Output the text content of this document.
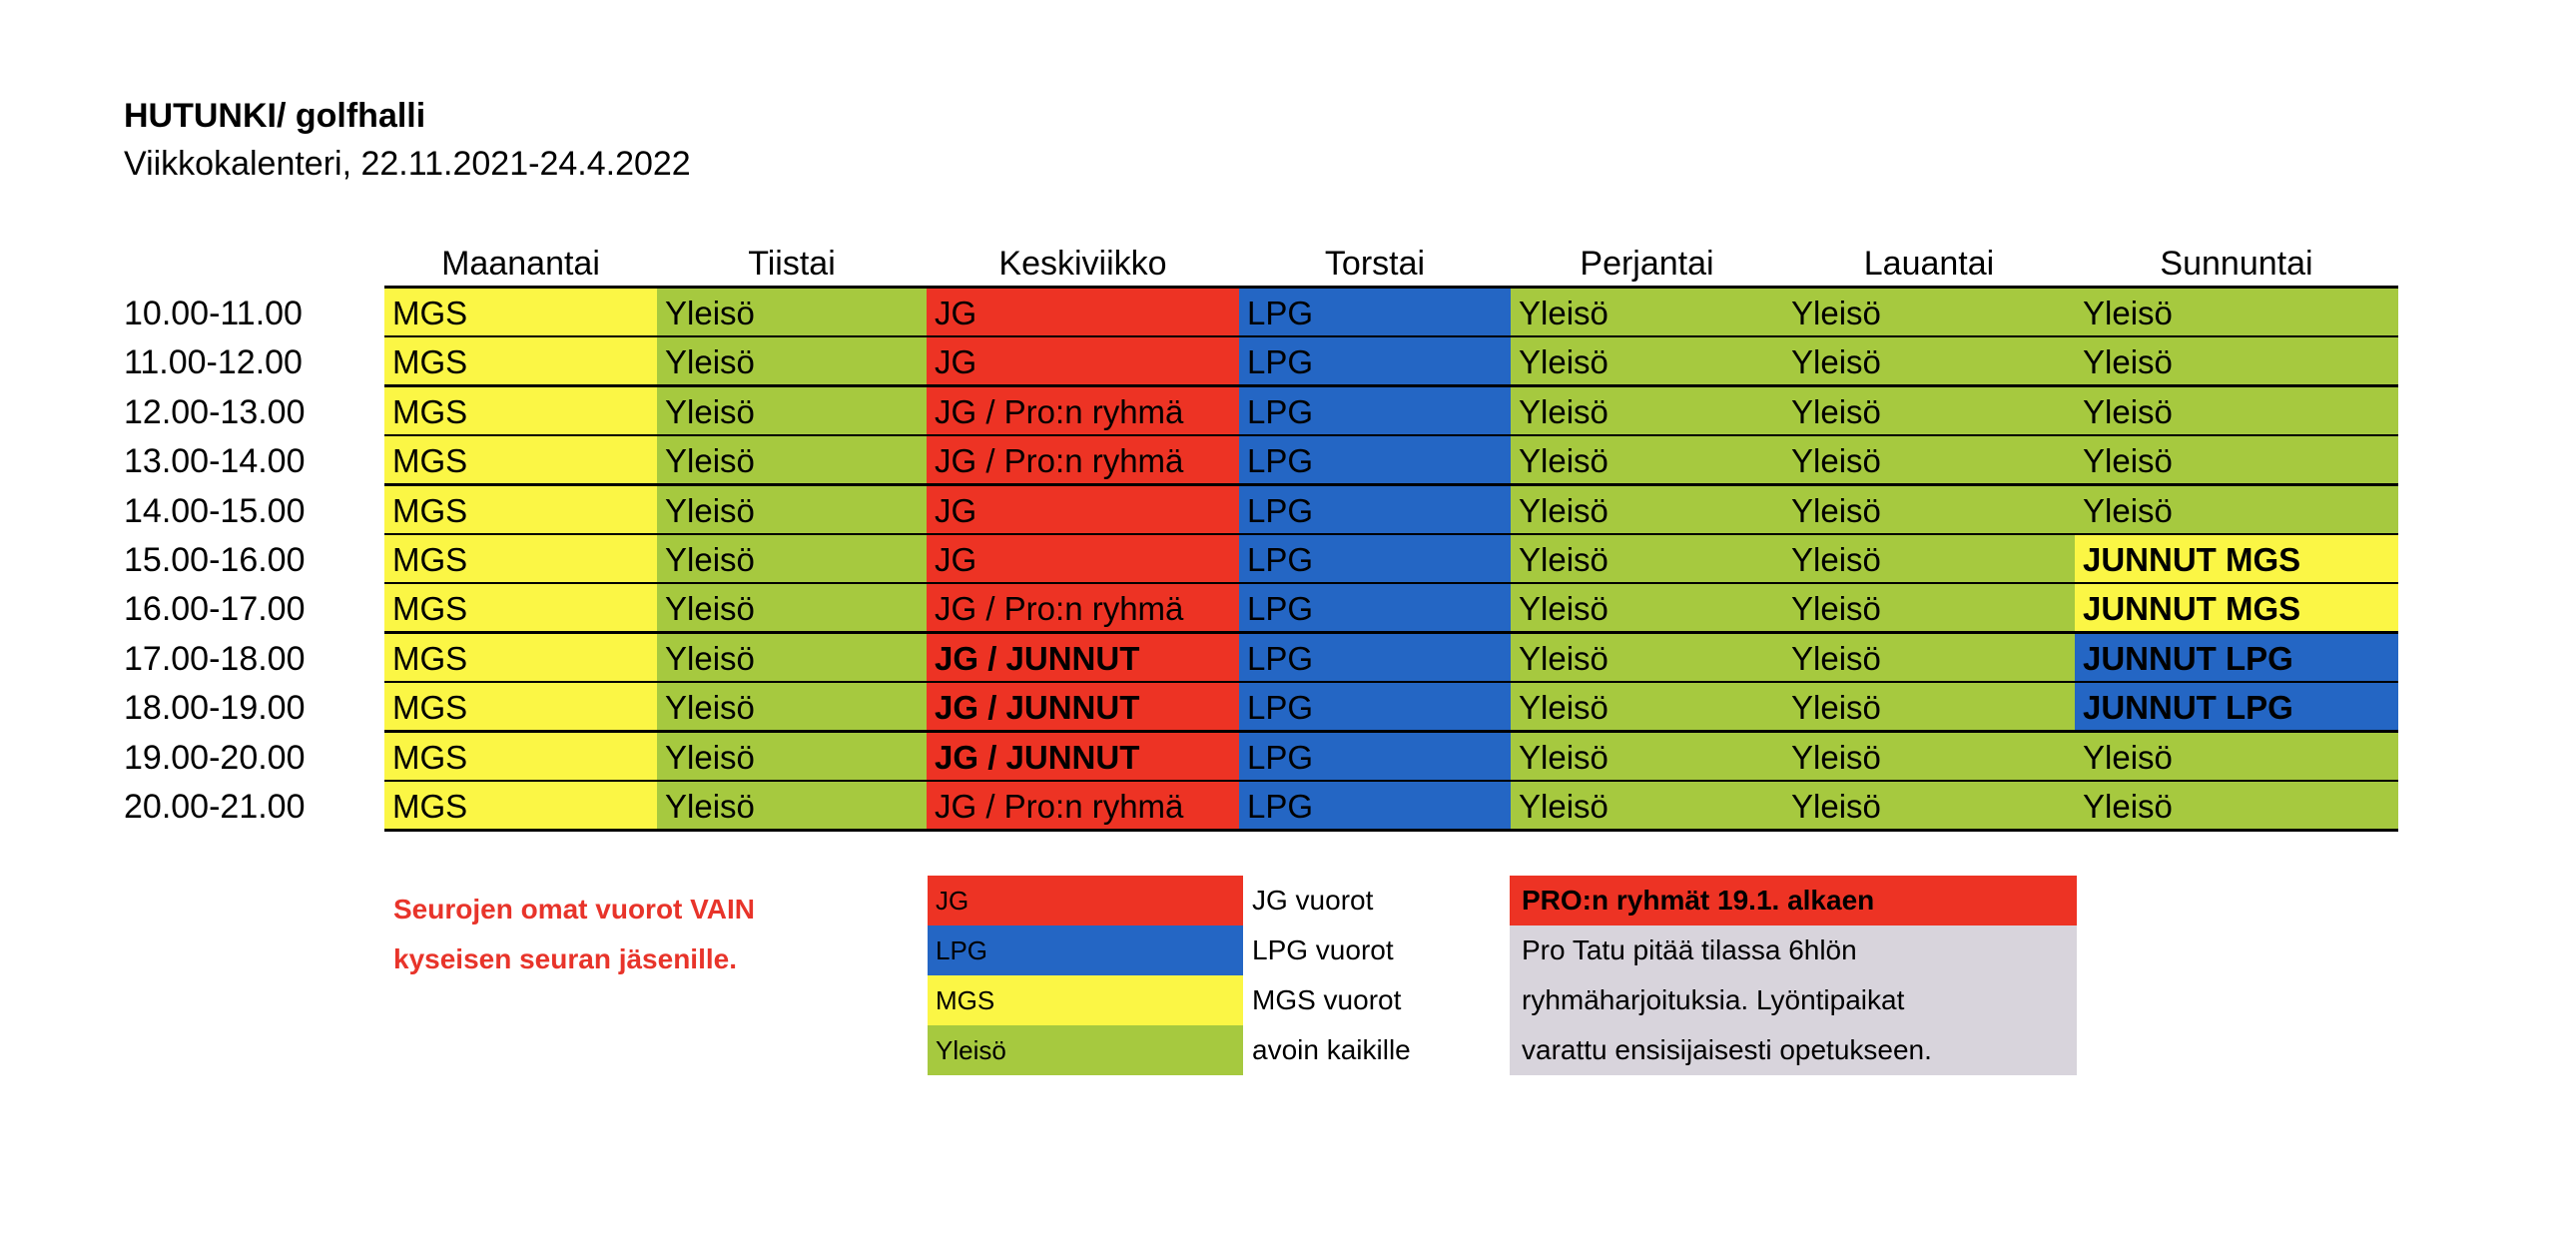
HUTUNKI/ golfhalli
Viikkokalenteri, 22.11.2021-24.4.2022
Maanantai	Tiistai	Keskiviikko	Torstai	Perjantai	Lauantai	Sunnuntai
10.00-11.00	MGS	Yleisö	JG	LPG	Yleisö	Yleisö	Yleisö
11.00-12.00	MGS	Yleisö	JG	LPG	Yleisö	Yleisö	Yleisö
12.00-13.00	MGS	Yleisö	JG / Pro:n ryhmä	LPG	Yleisö	Yleisö	Yleisö
13.00-14.00	MGS	Yleisö	JG / Pro:n ryhmä	LPG	Yleisö	Yleisö	Yleisö
14.00-15.00	MGS	Yleisö	JG	LPG	Yleisö	Yleisö	Yleisö
15.00-16.00	MGS	Yleisö	JG	LPG	Yleisö	Yleisö	JUNNUT MGS
16.00-17.00	MGS	Yleisö	JG / Pro:n ryhmä	LPG	Yleisö	Yleisö	JUNNUT MGS
17.00-18.00	MGS	Yleisö	JG / JUNNUT	LPG	Yleisö	Yleisö	JUNNUT LPG
18.00-19.00	MGS	Yleisö	JG / JUNNUT	LPG	Yleisö	Yleisö	JUNNUT LPG
19.00-20.00	MGS	Yleisö	JG / JUNNUT	LPG	Yleisö	Yleisö	Yleisö
20.00-21.00	MGS	Yleisö	JG / Pro:n ryhmä	LPG	Yleisö	Yleisö	Yleisö
Seurojen omat vuorot VAIN
kyseisen seuran jäsenille.
JG	JG vuorot
LPG	LPG vuorot
MGS	MGS vuorot
Yleisö	avoin kaikille
PRO:n ryhmät 19.1. alkaen
Pro Tatu pitää tilassa 6hlön
ryhmäharjoituksia. Lyöntipaikat
varattu ensisijaisesti opetukseen.
